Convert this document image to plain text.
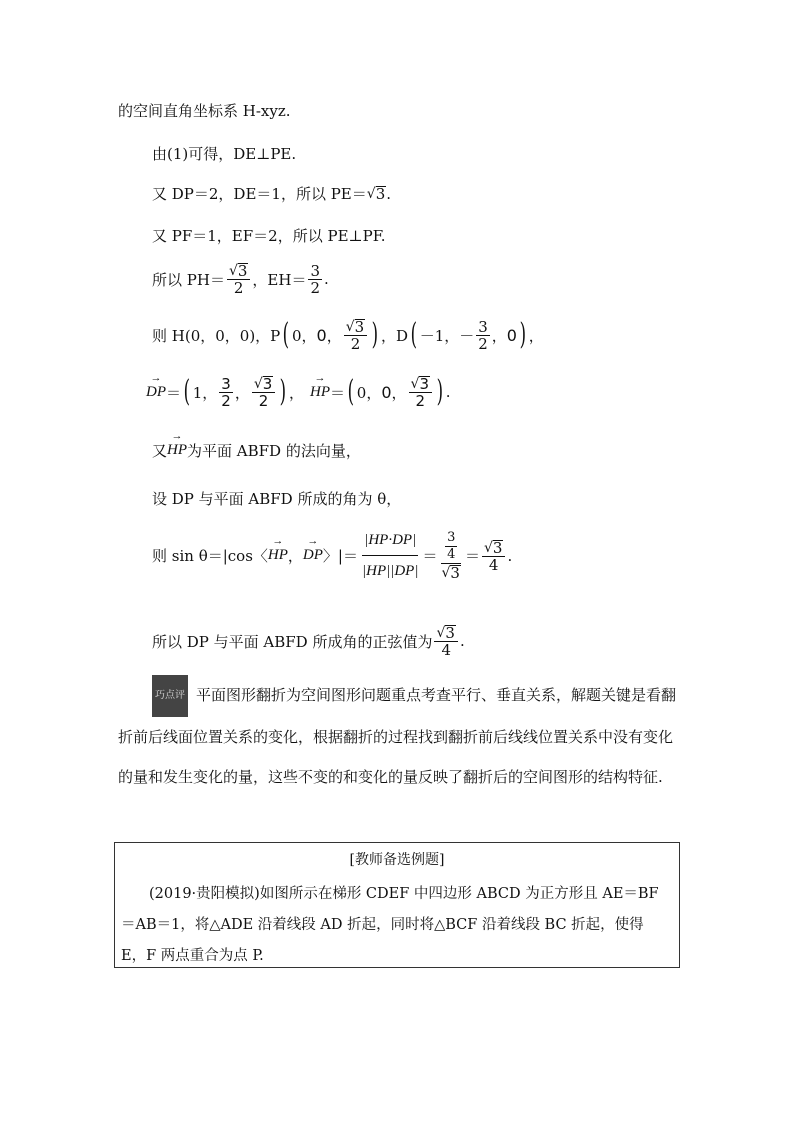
的空间直角坐标系 H-xyz.
由(1)可得，DE⊥PE.
又 DP＝2，DE＝1，所以 PE＝ √ 3 .
又 PF＝1，EF＝2，所以 PE⊥PF.
所以 $PH= \frac{√ 3}{2}$ ，$EH= \frac{3}{2}$ .
则 H(0，0，0)，P ( 0， 0 ， $\frac{√ 3}{2}$ ) ，D ( －1，－ $\frac{3}{2}$ ， 0 ) ，
→ DP ＝ ( 1， $\frac{3}{2}$ ， $\frac{√ 3}{2}$ ) ， → HP ＝ ( 0， 0 ， $\frac{√ 3}{2}$ ) .
又 → HP 为平面 ABFD 的法向量，
设 DP 与平面 ABFD 所成的角为 θ，
则 sin θ＝|cos〈 → HP ， → DP 〉|＝ $\frac{|HP\cdot DP|}{|HP||DP|} = \frac{\frac{3}{4}}{√ 3} = \frac{√ 3}{4}$ .
所以 DP 与平面 ABFD 所成角的正弦值为 $\frac{√ 3}{4}$ .
巧点评 平面图形翻折为空间图形问题重点考查平行、垂直关系，解题关键是看翻折前后线面位置关系的变化，根据翻折的过程找到翻折前后线线位置关系中没有变化的量和发生变化的量，这些不变的和变化的量反映了翻折后的空间图形的结构特征.
[教师备选例题]
(2019·贵阳模拟)如图所示在梯形 CDEF 中四边形 ABCD 为正方形且 AE＝BF＝AB＝1，将△ADE 沿着线段 AD 折起，同时将△BCF 沿着线段 BC 折起，使得 E，F 两点重合为点 P.
